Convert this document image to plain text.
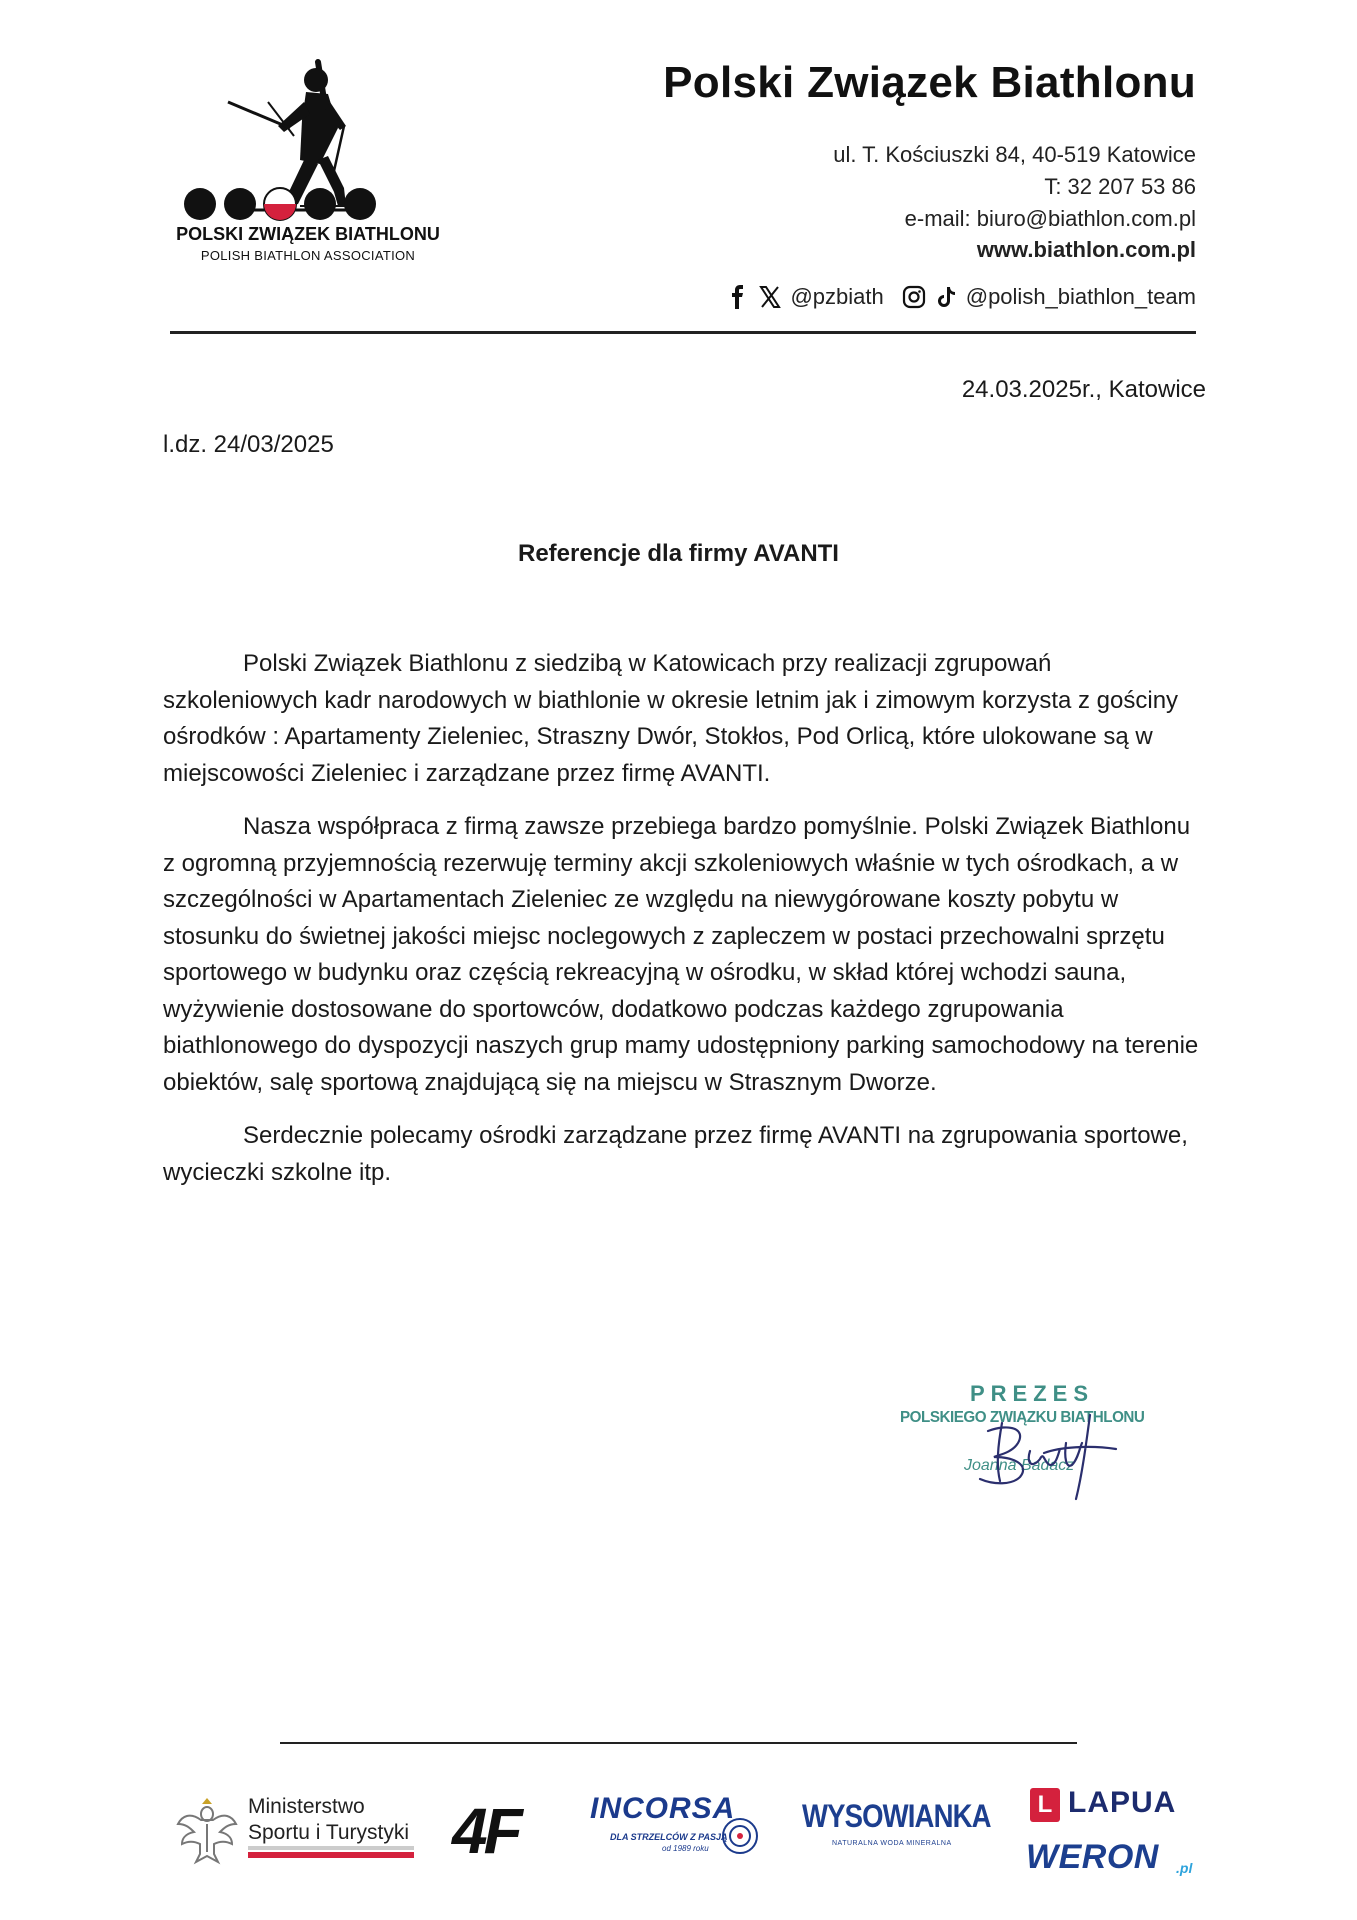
POLSKI ZWIĄZEK BIATHLONU
POLISH BIATHLON ASSOCIATION
Polski Związek Biathlonu
ul. T. Kościuszki 84, 40-519 Katowice
T: 32 207 53 86
e-mail: biuro@biathlon.com.pl
www.biathlon.com.pl
@pzbiath	@polish_biathlon_team
24.03.2025r., Katowice
l.dz. 24/03/2025
Referencje dla firmy AVANTI

Polski Związek Biathlonu z siedzibą w Katowicach przy realizacji zgrupowań szkoleniowych kadr narodowych w biathlonie w okresie letnim jak i zimowym korzysta z gościny ośrodków : Apartamenty Zieleniec, Straszny Dwór, Stokłos, Pod Orlicą, które ulokowane są w miejscowości Zieleniec i zarządzane przez firmę AVANTI.

Nasza współpraca z firmą zawsze przebiega bardzo pomyślnie. Polski Związek Biathlonu z ogromną przyjemnością rezerwuję terminy akcji szkoleniowych właśnie w tych ośrodkach, a w szczególności w Apartamentach Zieleniec ze względu na niewygórowane koszty pobytu w stosunku do świetnej jakości miejsc noclegowych z zapleczem w postaci przechowalni sprzętu sportowego w budynku oraz częścią rekreacyjną w ośrodku, w skład której wchodzi sauna, wyżywienie dostosowane do sportowców, dodatkowo podczas każdego zgrupowania biathlonowego do dyspozycji naszych grup mamy udostępniony parking samochodowy na terenie obiektów, salę sportową znajdującą się na miejscu w Strasznym Dworze.

Serdecznie polecamy ośrodki zarządzane przez firmę AVANTI na zgrupowania sportowe, wycieczki szkolne itp.

PREZES
POLSKIEGO ZWIĄZKU BIATHLONU
Joanna Badacz
Ministerstwo
Sportu i Turystyki 4F INCORSA
DLA STRZELCÓW Z PASJĄ
od 1989 roku
WYSOWIANKA
NATURALNA WODA MINERALNA
L LAPUA
WERON .pl
